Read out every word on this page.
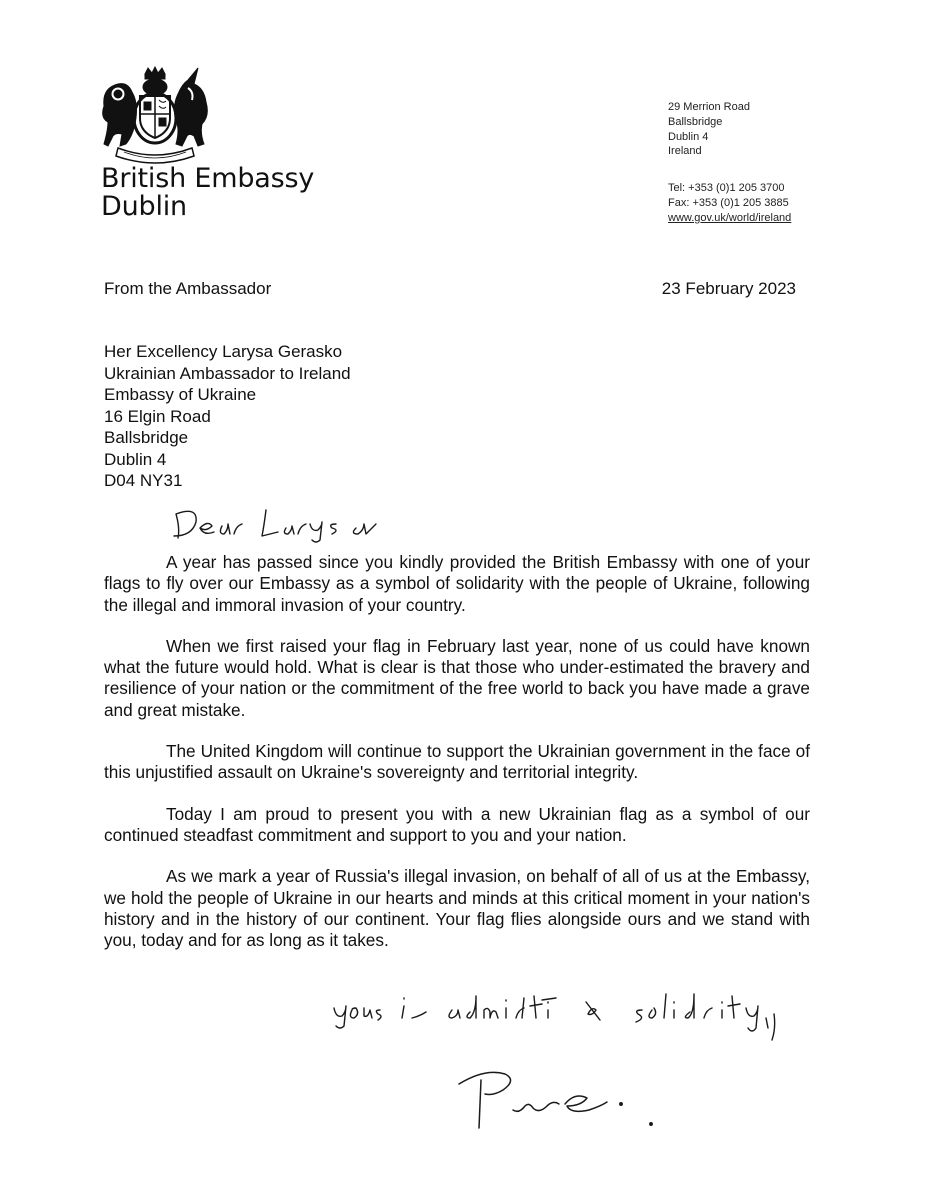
British Embassy
Dublin
29 Merrion Road
Ballsbridge
Dublin 4
Ireland
Tel: +353 (0)1 205 3700
Fax: +353 (0)1 205 3885
www.gov.uk/world/ireland
From the Ambassador	23 February 2023
Her Excellency Larysa Gerasko
Ukrainian Ambassador to Ireland
Embassy of Ukraine
16 Elgin Road
Ballsbridge
Dublin 4
D04 NY31

A year has passed since you kindly provided the British Embassy with one of your flags to fly over our Embassy as a symbol of solidarity with the people of Ukraine, following the illegal and immoral invasion of your country.

When we first raised your flag in February last year, none of us could have known what the future would hold. What is clear is that those who under-estimated the bravery and resilience of your nation or the commitment of the free world to back you have made a grave and great mistake.

The United Kingdom will continue to support the Ukrainian government in the face of this unjustified assault on Ukraine's sovereignty and territorial integrity.

Today I am proud to present you with a new Ukrainian flag as a symbol of our continued steadfast commitment and support to you and your nation.

As we mark a year of Russia's illegal invasion, on behalf of all of us at the Embassy, we hold the people of Ukraine in our hearts and minds at this critical moment in your nation's history and in the history of our continent. Your flag flies alongside ours and we stand with you, today and for as long as it takes.
